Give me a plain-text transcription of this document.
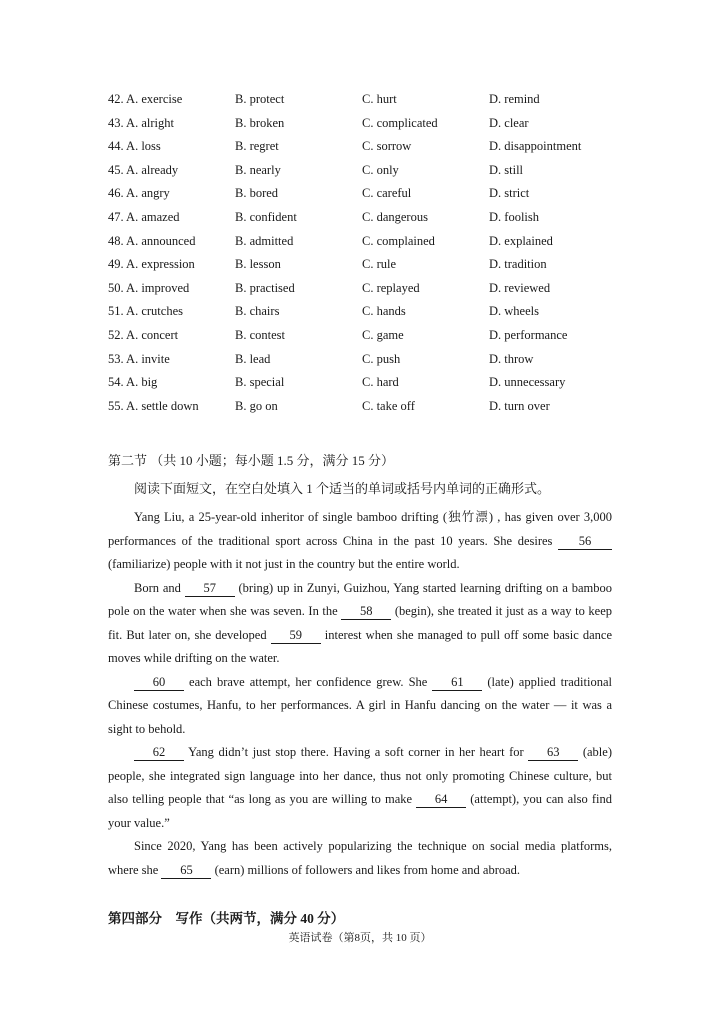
42. A. exercise	B. protect	C. hurt	D. remind
43. A. alright	B. broken	C. complicated	D. clear
44. A. loss	B. regret	C. sorrow	D. disappointment
45. A. already	B. nearly	C. only	D. still
46. A. angry	B. bored	C. careful	D. strict
47. A. amazed	B. confident	C. dangerous	D. foolish
48. A. announced	B. admitted	C. complained	D. explained
49. A. expression	B. lesson	C. rule	D. tradition
50. A. improved	B. practised	C. replayed	D. reviewed
51. A. crutches	B. chairs	C. hands	D. wheels
52. A. concert	B. contest	C. game	D. performance
53. A. invite	B. lead	C. push	D. throw
54. A. big	B. special	C. hard	D. unnecessary
55. A. settle down	B. go on	C. take off	D. turn over
第二节 （共 10 小题；每小题 1.5 分，满分 15 分）
阅读下面短文，在空白处填入 1 个适当的单词或括号内单词的正确形式。

Yang Liu, a 25-year-old inheritor of single bamboo drifting (独竹漂) , has given over 3,000 performances of the traditional sport across China in the past 10 years. She desires 56 (familiarize) people with it not just in the country but the entire world.

Born and 57 (bring) up in Zunyi, Guizhou, Yang started learning drifting on a bamboo pole on the water when she was seven. In the 58 (begin), she treated it just as a way to keep fit. But later on, she developed 59 interest when she managed to pull off some basic dance moves while drifting on the water.

60 each brave attempt, her confidence grew. She 61 (late) applied traditional Chinese costumes, Hanfu, to her performances. A girl in Hanfu dancing on the water — it was a sight to behold.

62 Yang didn’t just stop there. Having a soft corner in her heart for 63 (able) people, she integrated sign language into her dance, thus not only promoting Chinese culture, but also telling people that “as long as you are willing to make 64 (attempt), you can also find your value.”

Since 2020, Yang has been actively popularizing the technique on social media platforms, where she 65 (earn) millions of followers and likes from home and abroad.

第四部分　写作（共两节，满分 40 分）
英语试卷（第8页，共 10 页）
